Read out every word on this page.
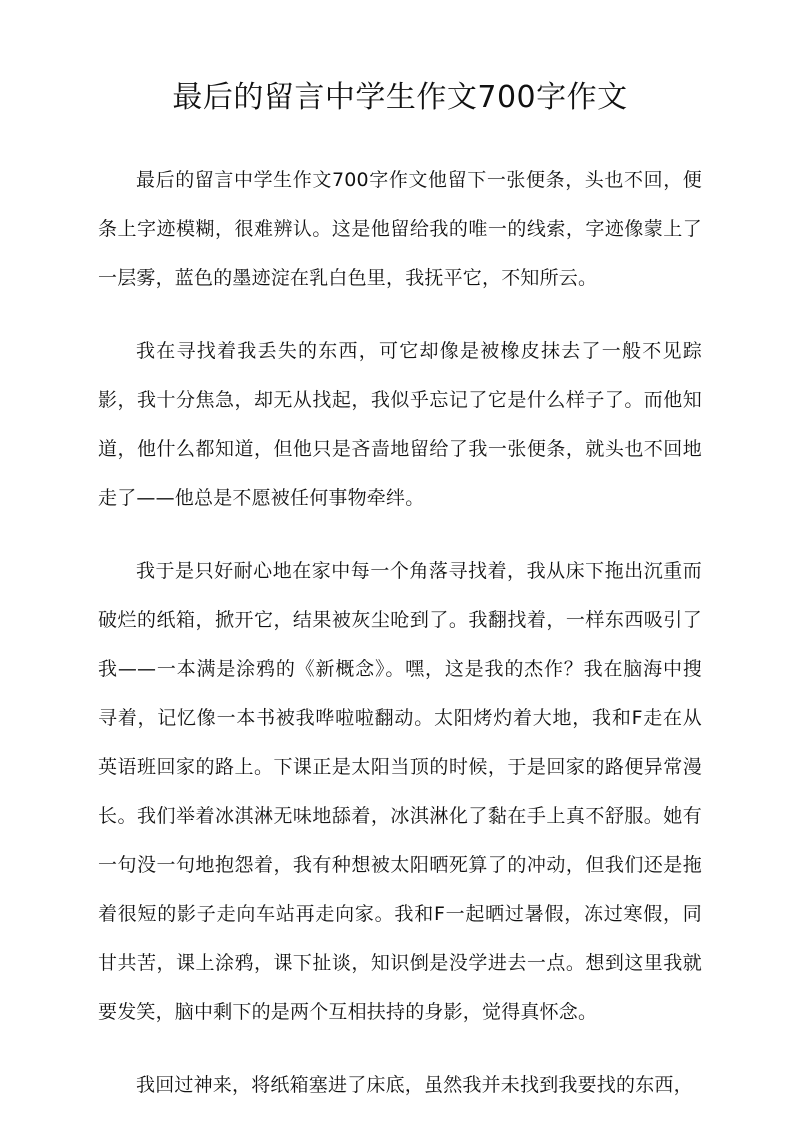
最后的留言中学生作文700字作文

最后的留言中学生作文700字作文他留下一张便条，头也不回，便条上字迹模糊，很难辨认。这是他留给我的唯一的线索，字迹像蒙上了一层雾，蓝色的墨迹淀在乳白色里，我抚平它，不知所云。

我在寻找着我丢失的东西，可它却像是被橡皮抹去了一般不见踪影，我十分焦急，却无从找起，我似乎忘记了它是什么样子了。而他知道，他什么都知道，但他只是吝啬地留给了我一张便条，就头也不回地走了——他总是不愿被任何事物牵绊。

我于是只好耐心地在家中每一个角落寻找着，我从床下拖出沉重而破烂的纸箱，掀开它，结果被灰尘呛到了。我翻找着，一样东西吸引了我——一本满是涂鸦的《新概念》。嘿，这是我的杰作？我在脑海中搜寻着，记忆像一本书被我哗啦啦翻动。太阳烤灼着大地，我和F走在从英语班回家的路上。下课正是太阳当顶的时候，于是回家的路便异常漫长。我们举着冰淇淋无味地舔着，冰淇淋化了黏在手上真不舒服。她有一句没一句地抱怨着，我有种想被太阳晒死算了的冲动，但我们还是拖着很短的影子走向车站再走向家。我和F一起晒过暑假，冻过寒假，同甘共苦，课上涂鸦，课下扯谈，知识倒是没学进去一点。想到这里我就要发笑，脑中剩下的是两个互相扶持的身影，觉得真怀念。

我回过神来，将纸箱塞进了床底，虽然我并未找到我要找的东西，
